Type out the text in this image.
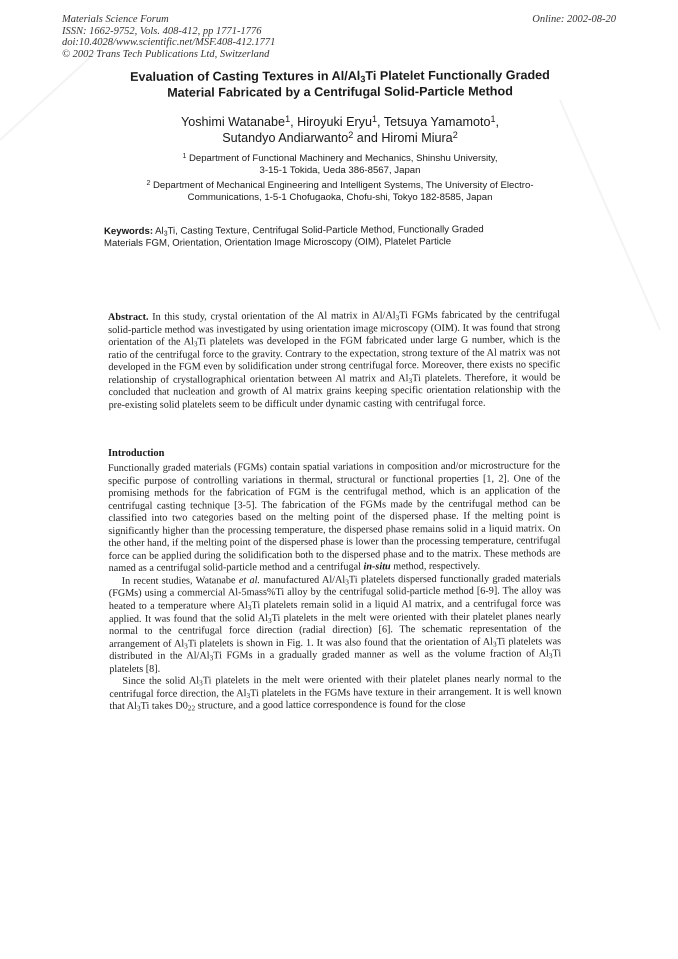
Materials Science Forum
ISSN: 1662-9752, Vols. 408-412, pp 1771-1776
doi:10.4028/www.scientific.net/MSF.408-412.1771
© 2002 Trans Tech Publications Ltd, Switzerland
Online: 2002-08-20
Evaluation of Casting Textures in $Al/Al_3Ti$ Platelet Functionally Graded
Material Fabricated by a Centrifugal Solid-Particle Method
Yoshimi Watanabe$^1$, Hiroyuki Eryu$^1$, Tetsuya Yamamoto$^1$,
Sutandyo Andiarwanto$^2$ and Hiromi Miura$^2$
$^1$ Department of Functional Machinery and Mechanics, Shinshu University,
3-15-1 Tokida, Ueda 386-8567, Japan
$^2$ Department of Mechanical Engineering and Intelligent Systems, The University of Electro-
Communications, 1-5-1 Chofugaoka, Chofu-shi, Tokyo 182-8585, Japan
Keywords: $Al_3Ti$, Casting Texture, Centrifugal Solid-Particle Method, Functionally Graded Materials FGM, Orientation, Orientation Image Microscopy (OIM), Platelet Particle
Abstract. In this study, crystal orientation of the Al matrix in $Al/Al_3Ti$ FGMs fabricated by the centrifugal solid-particle method was investigated by using orientation image microscopy (OIM). It was found that strong orientation of the $Al_3Ti$ platelets was developed in the FGM fabricated under large G number, which is the ratio of the centrifugal force to the gravity. Contrary to the expectation, strong texture of the Al matrix was not developed in the FGM even by solidification under strong centrifugal force. Moreover, there exists no specific relationship of crystallographical orientation between Al matrix and $Al_3Ti$ platelets. Therefore, it would be concluded that nucleation and growth of Al matrix grains keeping specific orientation relationship with the pre-existing solid platelets seem to be difficult under dynamic casting with centrifugal force.
Introduction

Functionally graded materials (FGMs) contain spatial variations in composition and/or microstructure for the specific purpose of controlling variations in thermal, structural or functional properties [1, 2]. One of the promising methods for the fabrication of FGM is the centrifugal method, which is an application of the centrifugal casting technique [3-5]. The fabrication of the FGMs made by the centrifugal method can be classified into two categories based on the melting point of the dispersed phase. If the melting point is significantly higher than the processing temperature, the dispersed phase remains solid in a liquid matrix. On the other hand, if the melting point of the dispersed phase is lower than the processing temperature, centrifugal force can be applied during the solidification both to the dispersed phase and to the matrix. These methods are named as a centrifugal solid-particle method and a centrifugal in-situ method, respectively.

In recent studies, Watanabe et al. manufactured $Al/Al_3Ti$ platelets dispersed functionally graded materials (FGMs) using a commercial Al-5mass%Ti alloy by the centrifugal solid-particle method [6-9]. The alloy was heated to a temperature where $Al_3Ti$ platelets remain solid in a liquid Al matrix, and a centrifugal force was applied. It was found that the solid $Al_3Ti$ platelets in the melt were oriented with their platelet planes nearly normal to the centrifugal force direction (radial direction) [6]. The schematic representation of the arrangement of $Al_3Ti$ platelets is shown in Fig. 1. It was also found that the orientation of $Al_3Ti$ platelets was distributed in the $Al/Al_3Ti$ FGMs in a gradually graded manner as well as the volume fraction of $Al_3Ti$ platelets [8].

Since the solid $Al_3Ti$ platelets in the melt were oriented with their platelet planes nearly normal to the centrifugal force direction, the $Al_3Ti$ platelets in the FGMs have texture in their arrangement. It is well known that $Al_3Ti$ takes $D0_{22}$ structure, and a good lattice correspondence is found for the close
